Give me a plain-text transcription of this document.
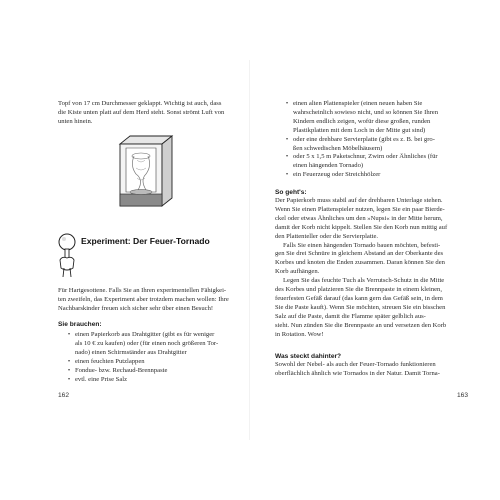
Topf von 17 cm Durchmesser geklappt. Wichtig ist auch, dass

die Kiste unten platt auf dem Herd steht. Sonst strömt Luft von

unten hinein.

Experiment: Der Feuer-Tornado

Für Hartgesottene. Falls Sie an Ihren experimentellen Fähigkei-

ten zweifeln, das Experiment aber trotzdem machen wollen: Ihre

Nachbarskinder freuen sich sicher sehr über einen Besuch!

Sie brauchen:
• einen Papierkorb aus Drahtgitter (gibt es für weniger
als 10 € zu kaufen) oder (für einen noch größeren Tor-
nado) einen Schirmständer aus Drahtgitter
• einen feuchten Putzlappen
• Fondue- bzw. Rechaud-Brennpaste
• evtl. eine Prise Salz
162
• einen alten Plattenspieler (einen neuen haben Sie
wahrscheinlich sowieso nicht, und so können Sie Ihren
Kindern endlich zeigen, wofür diese großen, runden
Plastikplatten mit dem Loch in der Mitte gut sind)
• oder eine drehbare Servierplatte (gibt es z. B. bei gro-
ßen schwedischen Möbelhäusern)
• oder 5 x 1,5 m Paketschnur, Zwirn oder Ähnliches (für
einen hängenden Tornado)
• ein Feuerzeug oder Streichhölzer
So geht's:

Der Papierkorb muss stabil auf der drehbaren Unterlage stehen.

Wenn Sie einen Plattenspieler nutzen, legen Sie ein paar Bierde-

ckel oder etwas Ähnliches um den »Nupsi« in der Mitte herum,

damit der Korb nicht kippelt. Stellen Sie den Korb nun mittig auf

den Plattenteller oder die Servierplatte.

Falls Sie einen hängenden Tornado bauen möchten, befesti-

gen Sie drei Schnüre in gleichem Abstand an der Oberkante des

Korbes und knoten die Enden zusammen. Daran können Sie den

Korb aufhängen.

Legen Sie das feuchte Tuch als Verrutsch-Schutz in die Mitte

des Korbes und platzieren Sie die Brennpaste in einem kleinen,

feuerfesten Gefäß darauf (das kann gern das Gefäß sein, in dem

Sie die Paste kauft). Wenn Sie möchten, streuen Sie ein bisschen

Salz auf die Paste, damit die Flamme später gelblich aus-

sieht. Nun zünden Sie die Brennpaste an und versetzen den Korb

in Rotation. Wow!

Was steckt dahinter?

Sowohl der Nebel- als auch der Feuer-Tornado funktionieren

oberflächlich ähnlich wie Tornados in der Natur. Damit Torna-

163
